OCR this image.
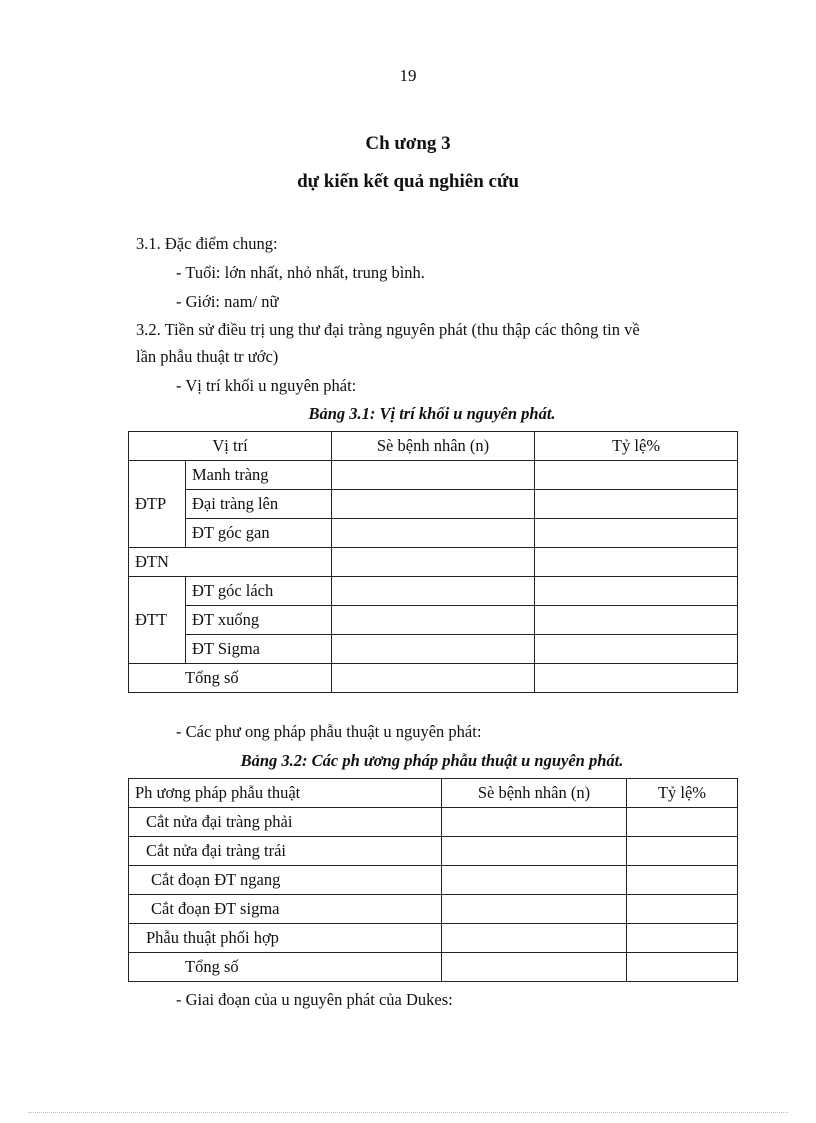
19
Ch ương 3
dự kiến kết quả nghiên cứu
3.1. Đặc điểm chung:
- Tuổi: lớn nhất, nhỏ nhất, trung bình.
- Giới: nam/ nữ
3.2. Tiền sử điều trị ung thư đại tràng nguyên phát (thu thập các thông tin về
lần phẫu thuật tr ước)
- Vị trí khối u nguyên phát:
Bảng 3.1: Vị trí khối u nguyên phát.
Vị trí		Sè bệnh nhân (n)	Tỷ lệ%
ĐTP	Manh tràng		
	Đại tràng lên		
	ĐT góc gan		
ĐTN			
ĐTT	ĐT góc lách		
	ĐT xuống		
	ĐT Sigma		
Tổng số			
- Các phư ong pháp phẫu thuật u nguyên phát:
Bảng 3.2: Các ph ương pháp phẫu thuật u nguyên phát.
Ph ương pháp phẫu thuật	Sè bệnh nhân (n)	Tỷ lệ%
Cắt nửa đại tràng phải		
Cắt nửa đại tràng trái		
Cắt đoạn ĐT ngang		
Cắt đoạn ĐT sigma		
Phẫu thuật phối hợp		
Tổng số		
- Giai đoạn của u nguyên phát của Dukes:
